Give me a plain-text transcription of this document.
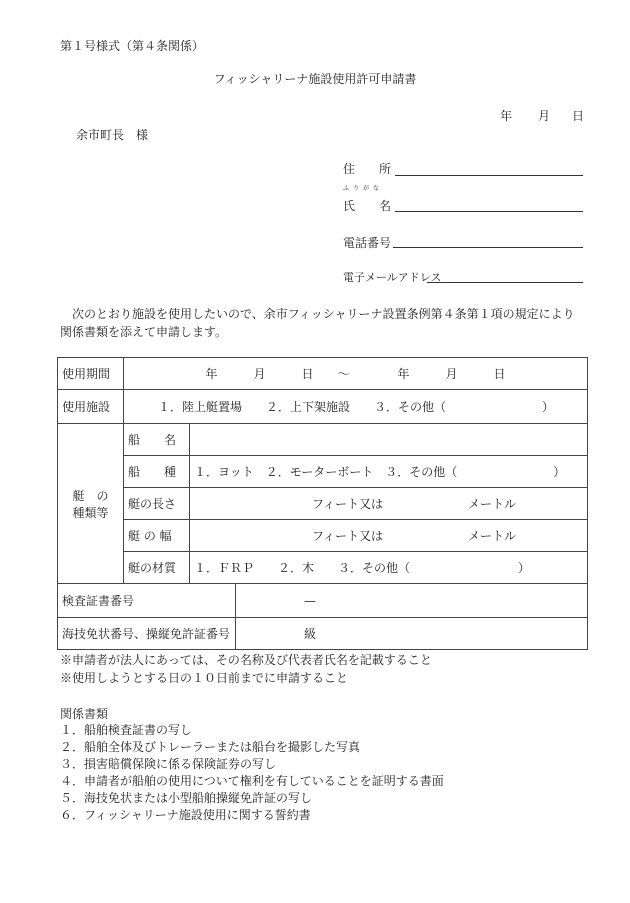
第１号様式（第４条関係）
フィッシャリーナ施設使用許可申請書
年 月 日
余市町長　様
住　　所
ふりがな
氏　　名
電話番号
電子メールアドレス
　次のとおり施設を使用したいので、余市フィッシャリーナ設置条例第４条第１項の規定により
関係書類を添えて申請します。
使用期間	年　　　月　　　日　　〜　　　　年　　　月　　　日		
使用施設	１．陸上艇置場　　２．上下架施設　　３．その他（　　　　　　　　）		

艇　の
種類等	船　　名		
	船　　種	１．ヨット　２．モーターボート　３．その他（　　　　　　　　）	
	艇の長さ	フィート又は メートル	
	艇 の 幅	フィート又は メートル	
	艇の材質	１．ＦＲＰ　　２．木　　３．その他（　　　　　　　　　）	
検査証書番号			—
海技免状番号、操縦免許証番号			級
※申請者が法人にあっては、その名称及び代表者氏名を記載すること
※使用しようとする日の１０日前までに申請すること
関係書類
１．船舶検査証書の写し
２．船舶全体及びトレーラーまたは船台を撮影した写真
３．損害賠償保険に係る保険証券の写し
４．申請者が船舶の使用について権利を有していることを証明する書面
５．海技免状または小型船舶操縦免許証の写し
６．フィッシャリーナ施設使用に関する誓約書
